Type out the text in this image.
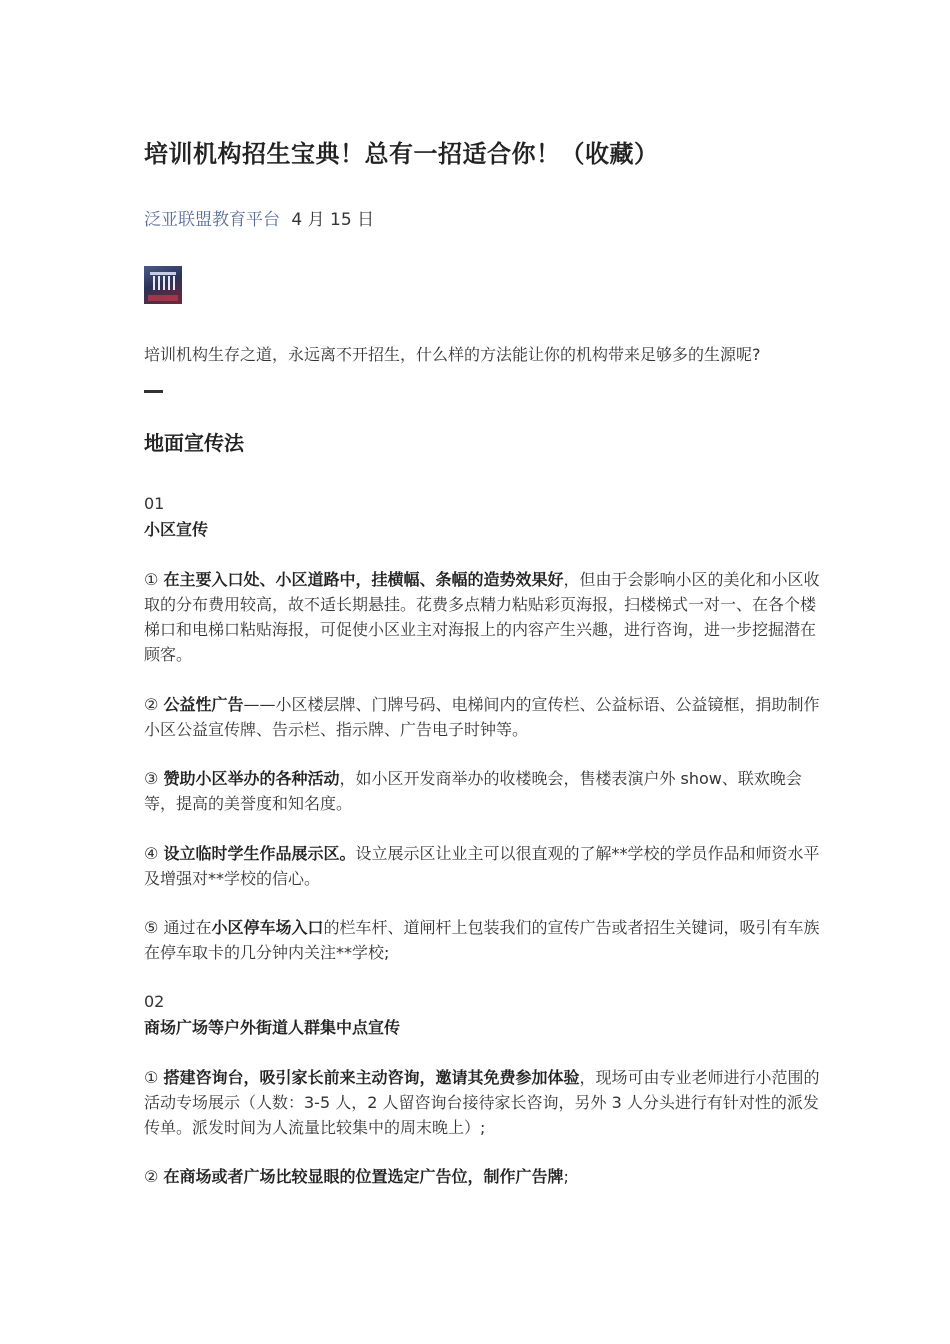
培训机构招生宝典！总有一招适合你！（收藏）
泛亚联盟教育平台 4 月 15 日
培训机构生存之道，永远离不开招生，什么样的方法能让你的机构带来足够多的生源呢?
地面宣传法
01
小区宣传
① 在主要入口处、小区道路中，挂横幅、条幅的造势效果好，但由于会影响小区的美化和小区收取的分布费用较高，故不适长期悬挂。花费多点精力粘贴彩页海报，扫楼梯式一对一、在各个楼梯口和电梯口粘贴海报，可促使小区业主对海报上的内容产生兴趣，进行咨询，进一步挖掘潜在顾客。
② 公益性广告——小区楼层牌、门牌号码、电梯间内的宣传栏、公益标语、公益镜框，捐助制作小区公益宣传牌、告示栏、指示牌、广告电子时钟等。
③ 赞助小区举办的各种活动，如小区开发商举办的收楼晚会，售楼表演户外 show、联欢晚会等，提高的美誉度和知名度。
④ 设立临时学生作品展示区。设立展示区让业主可以很直观的了解**学校的学员作品和师资水平及增强对**学校的信心。
⑤ 通过在小区停车场入口的栏车杆、道闸杆上包装我们的宣传广告或者招生关键词，吸引有车族在停车取卡的几分钟内关注**学校;
02
商场广场等户外街道人群集中点宣传
① 搭建咨询台，吸引家长前来主动咨询，邀请其免费参加体验，现场可由专业老师进行小范围的活动专场展示（人数：3-5 人，2 人留咨询台接待家长咨询，另外 3 人分头进行有针对性的派发传单。派发时间为人流量比较集中的周末晚上）;
② 在商场或者广场比较显眼的位置选定广告位，制作广告牌;
